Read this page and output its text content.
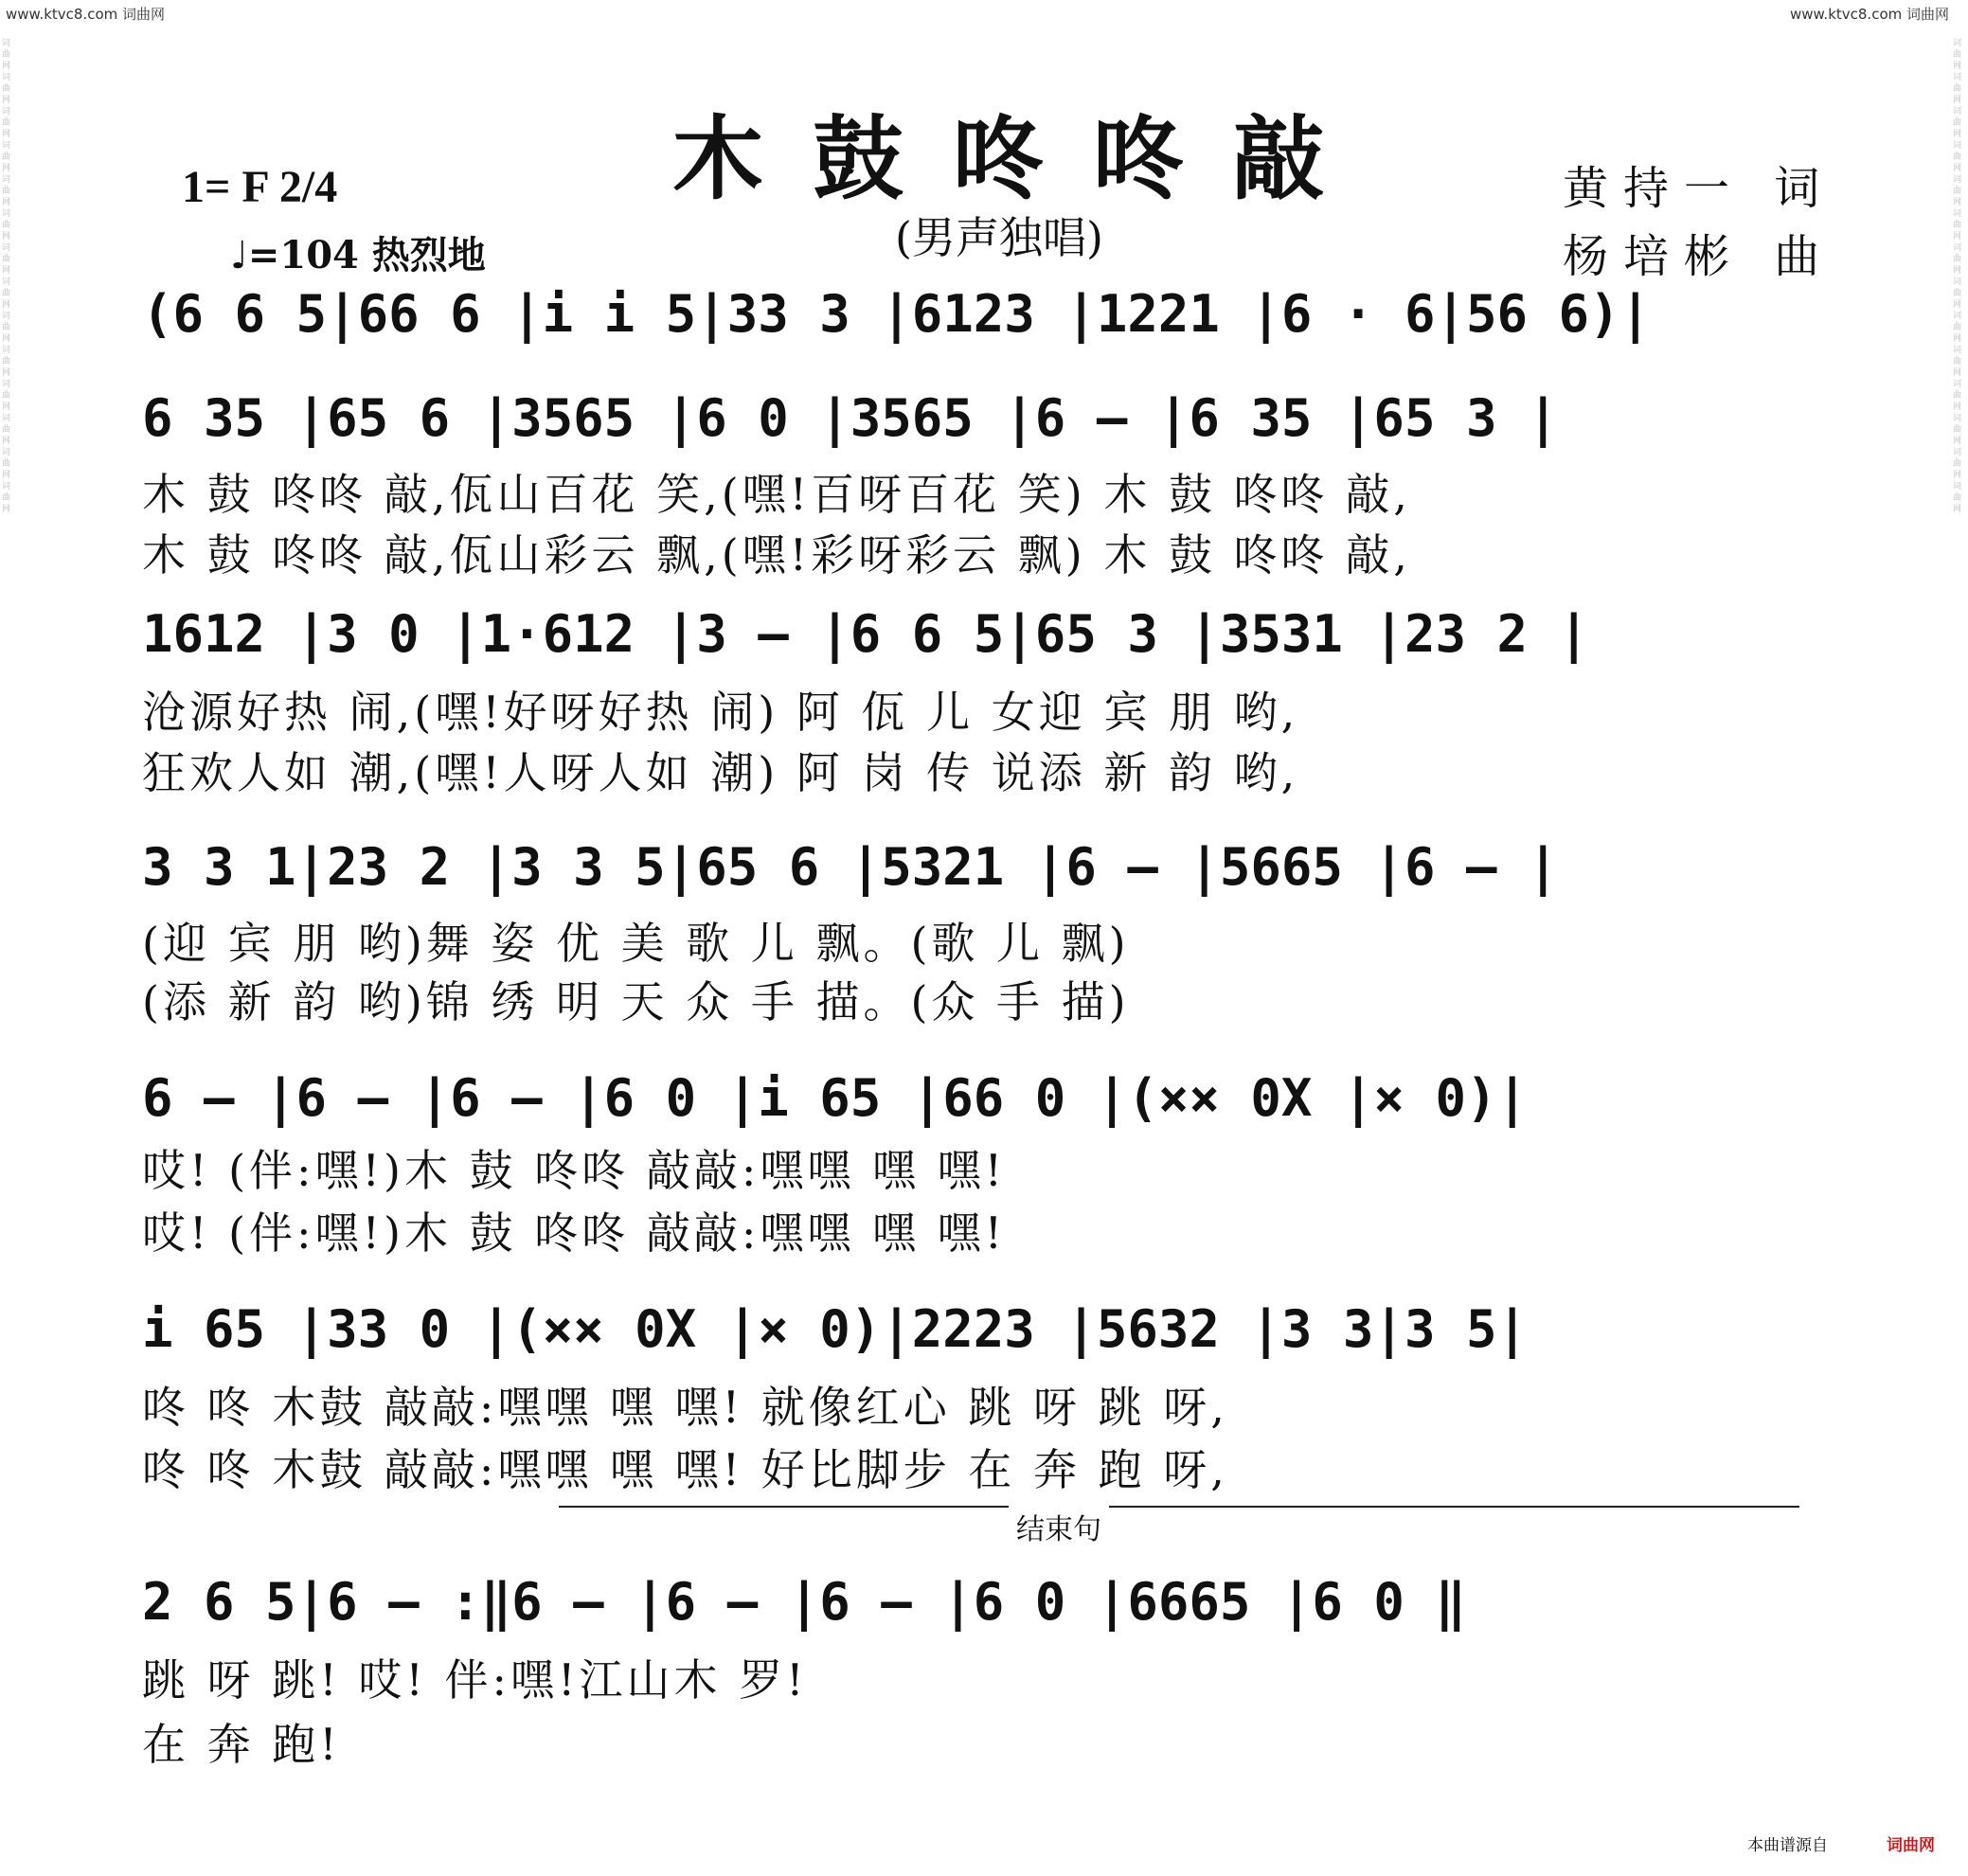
www.ktvc8.com 词曲网	www.ktvc8.com 词曲网
词曲网词曲网词曲网词曲网词曲网词曲网词曲网词曲网词曲网词曲网词曲网词曲网词曲网词曲网
词曲网词曲网词曲网词曲网词曲网词曲网词曲网词曲网词曲网词曲网词曲网词曲网词曲网词曲网
木鼓咚咚敲
(男声独唱)
1= F 2/4
♩=104 热烈地
黄持一 词
杨培彬 曲
(6 6 5|66 6 |i i 5|33 3 |6123 |1221 |6 · 6|56 6)|
6 35 |65 6 |3565 |6 0 |3565 |6 — |6 35 |65 3 |
木 鼓 咚咚 敲,佤山百花 笑,(嘿!百呀百花 笑) 木 鼓 咚咚 敲,
木 鼓 咚咚 敲,佤山彩云 飘,(嘿!彩呀彩云 飘) 木 鼓 咚咚 敲,
1612 |3 0 |1·612 |3 — |6 6 5|65 3 |3531 |23 2 |
沧源好热 闹,(嘿!好呀好热 闹) 阿 佤 儿 女迎 宾 朋 哟,
狂欢人如 潮,(嘿!人呀人如 潮) 阿 岗 传 说添 新 韵 哟,
3 3 1|23 2 |3 3 5|65 6 |5321 |6 — |5665 |6 — |
(迎 宾 朋 哟)舞 姿 优 美 歌 儿 飘。(歌 儿 飘)
(添 新 韵 哟)锦 绣 明 天 众 手 描。(众 手 描)
6 — |6 — |6 — |6 0 |i 65 |66 0 |(×× 0X |× 0)|
哎! (伴:嘿!)木 鼓 咚咚 敲敲:嘿嘿 嘿 嘿!
哎! (伴:嘿!)木 鼓 咚咚 敲敲:嘿嘿 嘿 嘿!
i 65 |33 0 |(×× 0X |× 0)|2223 |5632 |3 3|3 5|
咚 咚 木鼓 敲敲:嘿嘿 嘿 嘿! 就像红心 跳 呀 跳 呀,
咚 咚 木鼓 敲敲:嘿嘿 嘿 嘿! 好比脚步 在 奔 跑 呀,
结束句
2 6 5|6 — :‖6 — |6 — |6 — |6 0 |6665 |6 0 ‖
跳 呀 跳! 哎! 伴:嘿!江山木 罗!
在 奔 跑!
本曲谱源自	词曲网
